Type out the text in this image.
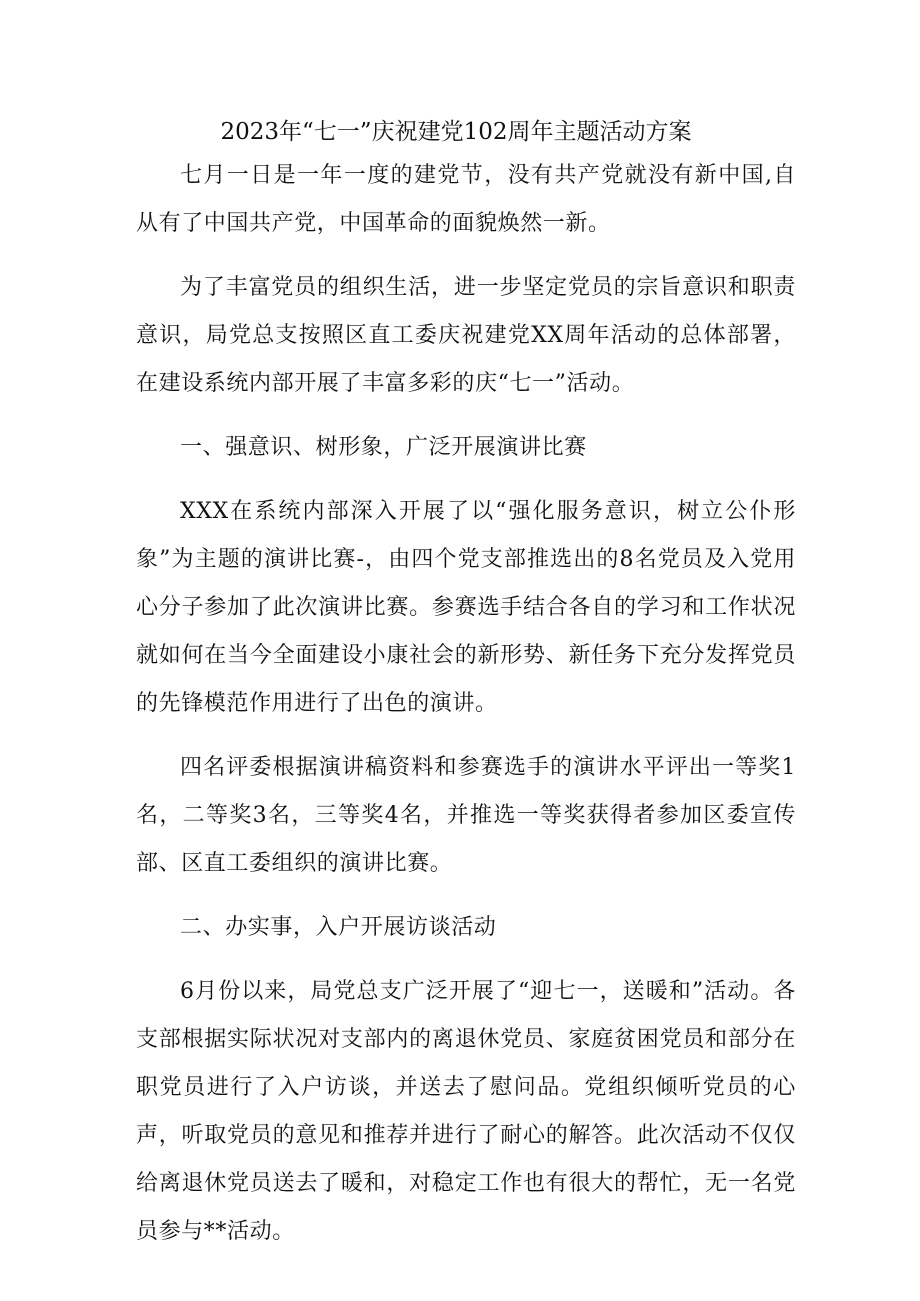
2023年“七一”庆祝建党102周年主题活动方案

七月一日是一年一度的建党节，没有共产党就没有新中国,自从有了中国共产党，中国革命的面貌焕然一新。

为了丰富党员的组织生活，进一步坚定党员的宗旨意识和职责意识，局党总支按照区直工委庆祝建党XX周年活动的总体部署，在建设系统内部开展了丰富多彩的庆“七一”活动。

一、强意识、树形象，广泛开展演讲比赛

XXX在系统内部深入开展了以“强化服务意识，树立公仆形象”为主题的演讲比赛-，由四个党支部推选出的8名党员及入党用心分子参加了此次演讲比赛。参赛选手结合各自的学习和工作状况就如何在当今全面建设小康社会的新形势、新任务下充分发挥党员的先锋模范作用进行了出色的演讲。

四名评委根据演讲稿资料和参赛选手的演讲水平评出一等奖1名，二等奖3名，三等奖4名，并推选一等奖获得者参加区委宣传部、区直工委组织的演讲比赛。

二、办实事，入户开展访谈活动

6月份以来，局党总支广泛开展了“迎七一，送暖和”活动。各支部根据实际状况对支部内的离退休党员、家庭贫困党员和部分在职党员进行了入户访谈，并送去了慰问品。党组织倾听党员的心声，听取党员的意见和推荐并进行了耐心的解答。此次活动不仅仅给离退休党员送去了暖和，对稳定工作也有很大的帮忙，无一名党员参与**活动。
